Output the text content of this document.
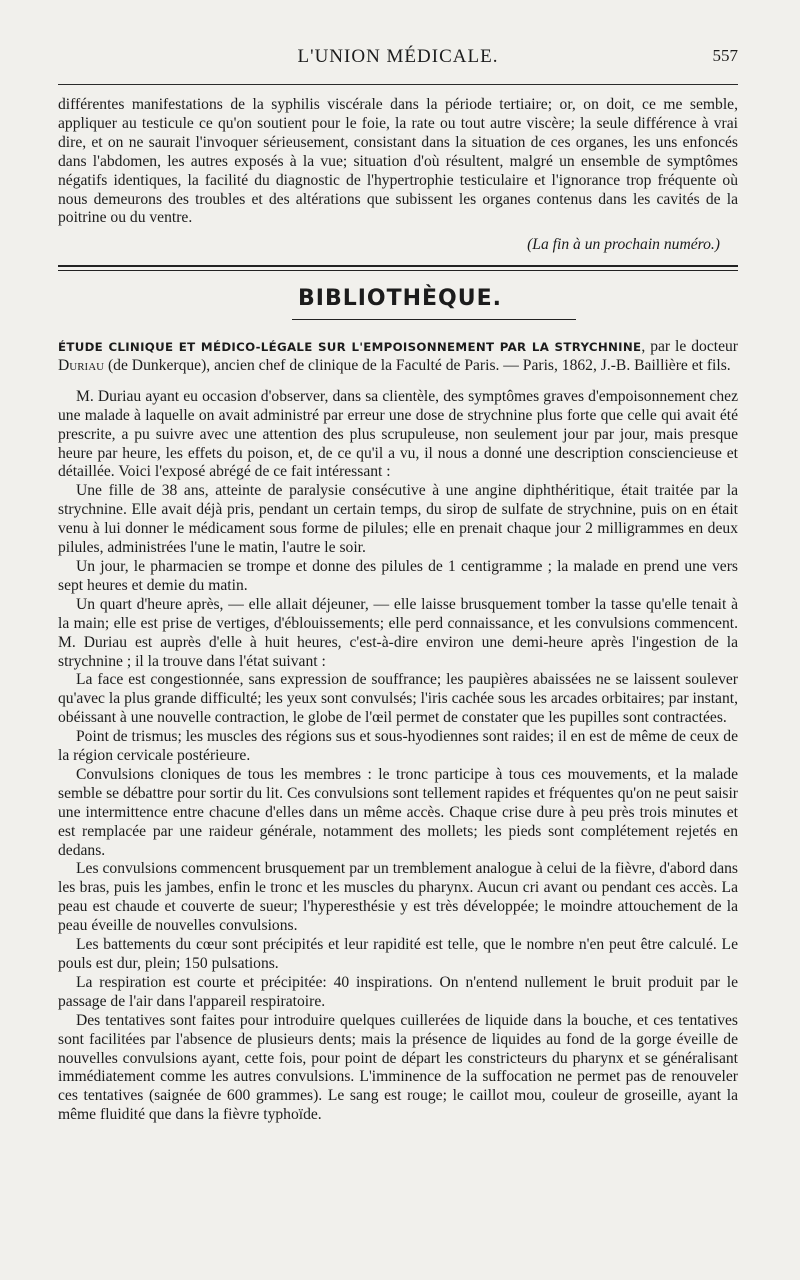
L'UNION MÉDICALE.	557

différentes manifestations de la syphilis viscérale dans la période tertiaire; or, on doit, ce me semble, appliquer au testicule ce qu'on soutient pour le foie, la rate ou tout autre viscère; la seule différence à vrai dire, et on ne saurait l'invoquer sérieusement, consistant dans la situation de ces organes, les uns enfoncés dans l'abdomen, les autres exposés à la vue; situation d'où résultent, malgré un ensemble de symptômes négatifs identiques, la facilité du diagnostic de l'hypertrophie testiculaire et l'ignorance trop fréquente où nous demeurons des troubles et des altérations que subissent les organes contenus dans les cavités de la poitrine ou du ventre.

(La fin à un prochain numéro.)
BIBLIOTHÈQUE.

ÉTUDE CLINIQUE ET MÉDICO-LÉGALE SUR L'EMPOISONNEMENT PAR LA STRYCHNINE, par le docteur Duriau (de Dunkerque), ancien chef de clinique de la Faculté de Paris. — Paris, 1862, J.-B. Baillière et fils.

M. Duriau ayant eu occasion d'observer, dans sa clientèle, des symptômes graves d'empoisonnement chez une malade à laquelle on avait administré par erreur une dose de strychnine plus forte que celle qui avait été prescrite, a pu suivre avec une attention des plus scrupuleuse, non seulement jour par jour, mais presque heure par heure, les effets du poison, et, de ce qu'il a vu, il nous a donné une description consciencieuse et détaillée. Voici l'exposé abrégé de ce fait intéressant :

Une fille de 38 ans, atteinte de paralysie consécutive à une angine diphthéritique, était traitée par la strychnine. Elle avait déjà pris, pendant un certain temps, du sirop de sulfate de strychnine, puis on en était venu à lui donner le médicament sous forme de pilules; elle en prenait chaque jour 2 milligrammes en deux pilules, administrées l'une le matin, l'autre le soir.

Un jour, le pharmacien se trompe et donne des pilules de 1 centigramme ; la malade en prend une vers sept heures et demie du matin.

Un quart d'heure après, — elle allait déjeuner, — elle laisse brusquement tomber la tasse qu'elle tenait à la main; elle est prise de vertiges, d'éblouissements; elle perd connaissance, et les convulsions commencent. M. Duriau est auprès d'elle à huit heures, c'est-à-dire environ une demi-heure après l'ingestion de la strychnine ; il la trouve dans l'état suivant :

La face est congestionnée, sans expression de souffrance; les paupières abaissées ne se laissent soulever qu'avec la plus grande difficulté; les yeux sont convulsés; l'iris cachée sous les arcades orbitaires; par instant, obéissant à une nouvelle contraction, le globe de l'œil permet de constater que les pupilles sont contractées.

Point de trismus; les muscles des régions sus et sous-hyodiennes sont raides; il en est de même de ceux de la région cervicale postérieure.

Convulsions cloniques de tous les membres : le tronc participe à tous ces mouvements, et la malade semble se débattre pour sortir du lit. Ces convulsions sont tellement rapides et fréquentes qu'on ne peut saisir une intermittence entre chacune d'elles dans un même accès. Chaque crise dure à peu près trois minutes et est remplacée par une raideur générale, notamment des mollets; les pieds sont complétement rejetés en dedans.

Les convulsions commencent brusquement par un tremblement analogue à celui de la fièvre, d'abord dans les bras, puis les jambes, enfin le tronc et les muscles du pharynx. Aucun cri avant ou pendant ces accès. La peau est chaude et couverte de sueur; l'hyperesthésie y est très développée; le moindre attouchement de la peau éveille de nouvelles convulsions.

Les battements du cœur sont précipités et leur rapidité est telle, que le nombre n'en peut être calculé. Le pouls est dur, plein; 150 pulsations.

La respiration est courte et précipitée: 40 inspirations. On n'entend nullement le bruit produit par le passage de l'air dans l'appareil respiratoire.

Des tentatives sont faites pour introduire quelques cuillerées de liquide dans la bouche, et ces tentatives sont facilitées par l'absence de plusieurs dents; mais la présence de liquides au fond de la gorge éveille de nouvelles convulsions ayant, cette fois, pour point de départ les constricteurs du pharynx et se généralisant immédiatement comme les autres convulsions. L'imminence de la suffocation ne permet pas de renouveler ces tentatives (saignée de 600 grammes). Le sang est rouge; le caillot mou, couleur de groseille, ayant la même fluidité que dans la fièvre typhoïde.
